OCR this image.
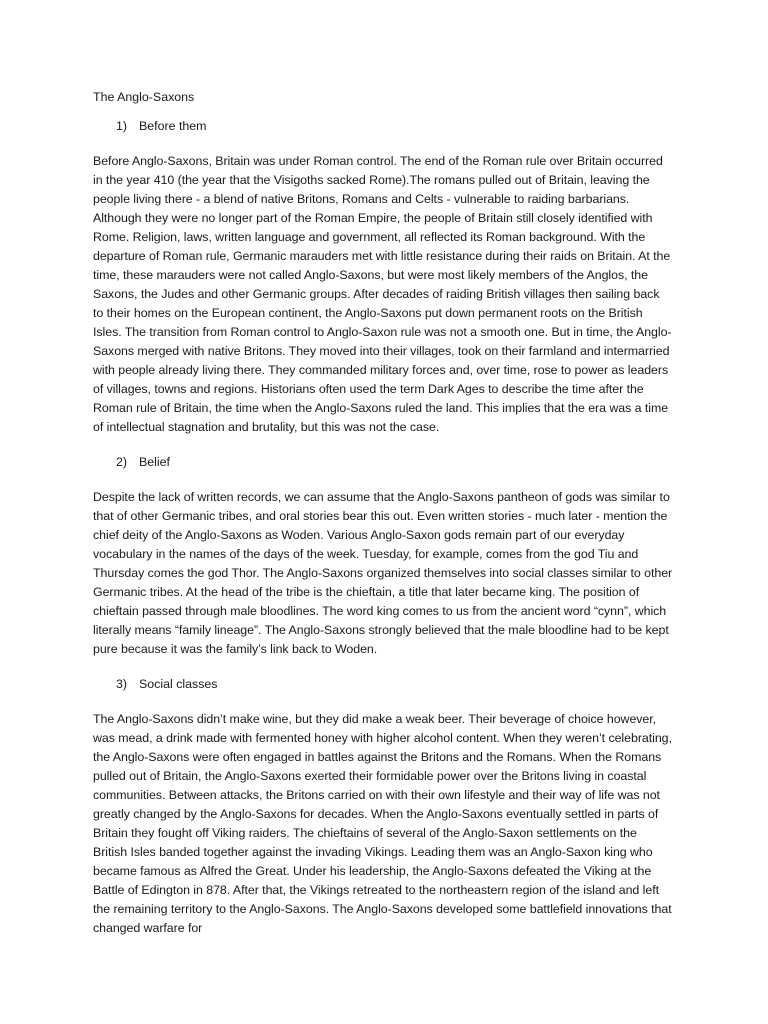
The Anglo-Saxons
1) Before them

Before Anglo-Saxons, Britain was under Roman control. The end of the Roman rule over Britain occurred in the year 410 (the year that the Visigoths sacked Rome).The romans pulled out of Britain, leaving the people living there - a blend of native Britons, Romans and Celts - vulnerable to raiding barbarians. Although they were no longer part of the Roman Empire, the people of Britain still closely identified with Rome. Religion, laws, written language and government, all reflected its Roman background. With the departure of Roman rule, Germanic marauders met with little resistance during their raids on Britain. At the time, these marauders were not called Anglo-Saxons, but were most likely members of the Anglos, the Saxons, the Judes and other Germanic groups. After decades of raiding British villages then sailing back to their homes on the European continent, the Anglo-Saxons put down permanent roots on the British Isles. The transition from Roman control to Anglo-Saxon rule was not a smooth one. But in time, the Anglo-Saxons merged with native Britons. They moved into their villages, took on their farmland and intermarried with people already living there. They commanded military forces and, over time, rose to power as leaders of villages, towns and regions. Historians often used the term Dark Ages to describe the time after the Roman rule of Britain, the time when the Anglo-Saxons ruled the land. This implies that the era was a time of intellectual stagnation and brutality, but this was not the case.

2) Belief

Despite the lack of written records, we can assume that the Anglo-Saxons pantheon of gods was similar to that of other Germanic tribes, and oral stories bear this out. Even written stories - much later - mention the chief deity of the Anglo-Saxons as Woden. Various Anglo-Saxon gods remain part of our everyday vocabulary in the names of the days of the week. Tuesday, for example, comes from the god Tiu and Thursday comes the god Thor. The Anglo-Saxons organized themselves into social classes similar to other Germanic tribes. At the head of the tribe is the chieftain, a title that later became king. The position of chieftain passed through male bloodlines. The word king comes to us from the ancient word “cynn”, which literally means “family lineage”. The Anglo-Saxons strongly believed that the male bloodline had to be kept pure because it was the family’s link back to Woden.

3) Social classes

The Anglo-Saxons didn’t make wine, but they did make a weak beer. Their beverage of choice however, was mead, a drink made with fermented honey with higher alcohol content. When they weren’t celebrating, the Anglo-Saxons were often engaged in battles against the Britons and the Romans. When the Romans pulled out of Britain, the Anglo-Saxons exerted their formidable power over the Britons living in coastal communities. Between attacks, the Britons carried on with their own lifestyle and their way of life was not greatly changed by the Anglo-Saxons for decades. When the Anglo-Saxons eventually settled in parts of Britain they fought off Viking raiders. The chieftains of several of the Anglo-Saxon settlements on the British Isles banded together against the invading Vikings. Leading them was an Anglo-Saxon king who became famous as Alfred the Great. Under his leadership, the Anglo-Saxons defeated the Viking at the Battle of Edington in 878. After that, the Vikings retreated to the northeastern region of the island and left the remaining territory to the Anglo-Saxons. The Anglo-Saxons developed some battlefield innovations that changed warfare for
